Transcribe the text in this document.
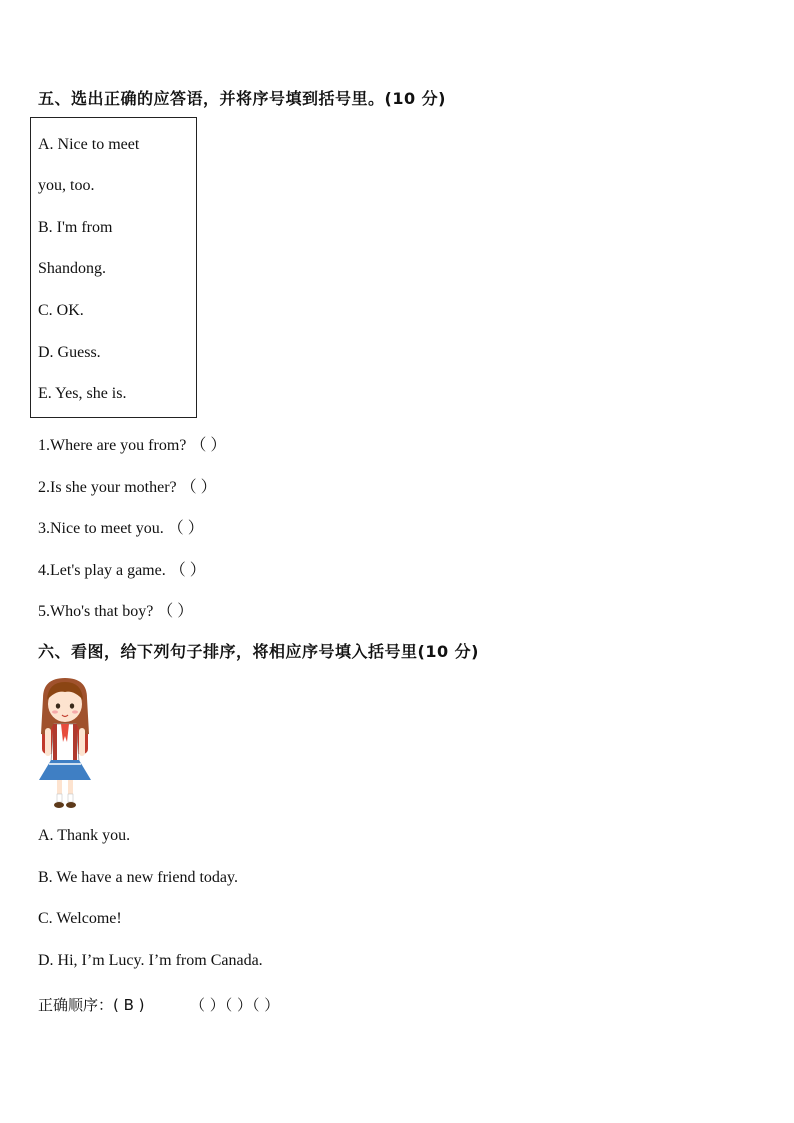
五、选出正确的应答语，并将序号填到括号里。(10 分)
A. Nice to meet
you, too.
B. I'm from
Shandong.
C. OK.
D. Guess.
E. Yes, she is.
1.Where are you from? （ ）
2.Is she your mother? （ ）
3.Nice to meet you. （ ）
4.Let's play a game. （ ）
5.Who's that boy? （ ）
六、看图，给下列句子排序，将相应序号填入括号里(10 分)
A. Thank you.
B. We have a new friend today.
C. Welcome!
D. Hi, I’m Lucy. I’m from Canada.
正确顺序：( B )	（ ）（ ）（ ）
